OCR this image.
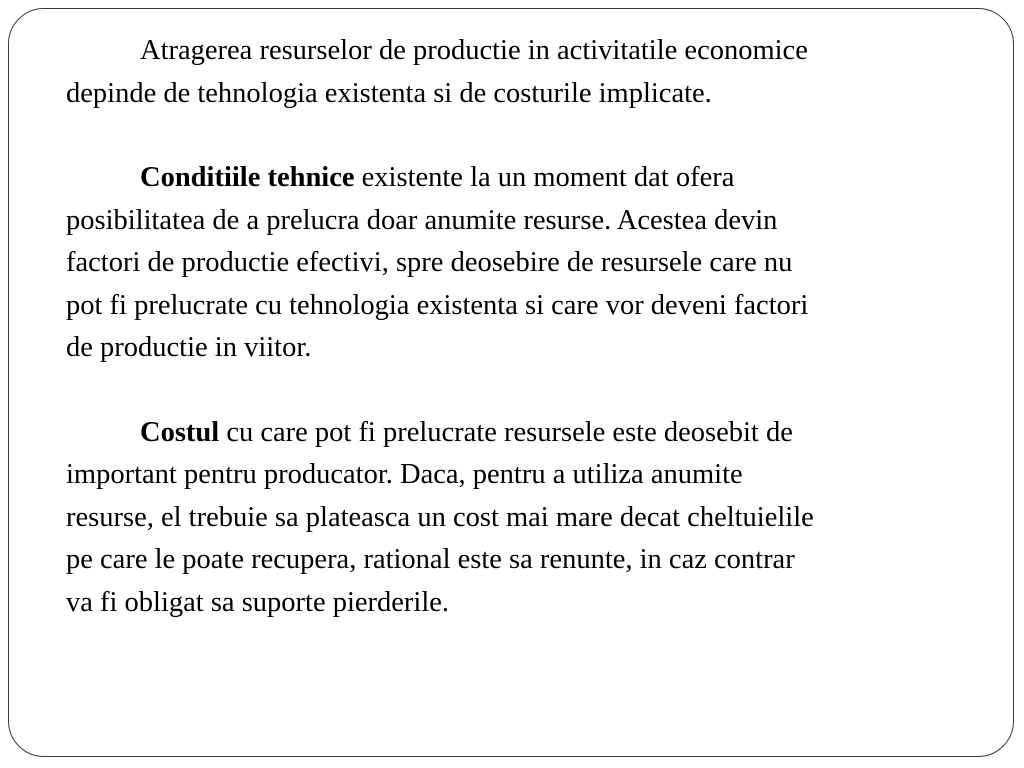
Atragerea resurselor de productie in activitatile economice
depinde de tehnologia existenta si de costurile implicate.

Conditiile tehnice existente la un moment dat ofera
posibilitatea de a prelucra doar anumite resurse. Acestea devin
factori de productie efectivi, spre deosebire de resursele care nu
pot fi prelucrate cu tehnologia existenta si care vor deveni factori
de productie in viitor.

Costul cu care pot fi prelucrate resursele este deosebit de
important pentru producator. Daca, pentru a utiliza anumite
resurse, el trebuie sa plateasca un cost mai mare decat cheltuielile
pe care le poate recupera, rational este sa renunte, in caz contrar
va fi obligat sa suporte pierderile.
